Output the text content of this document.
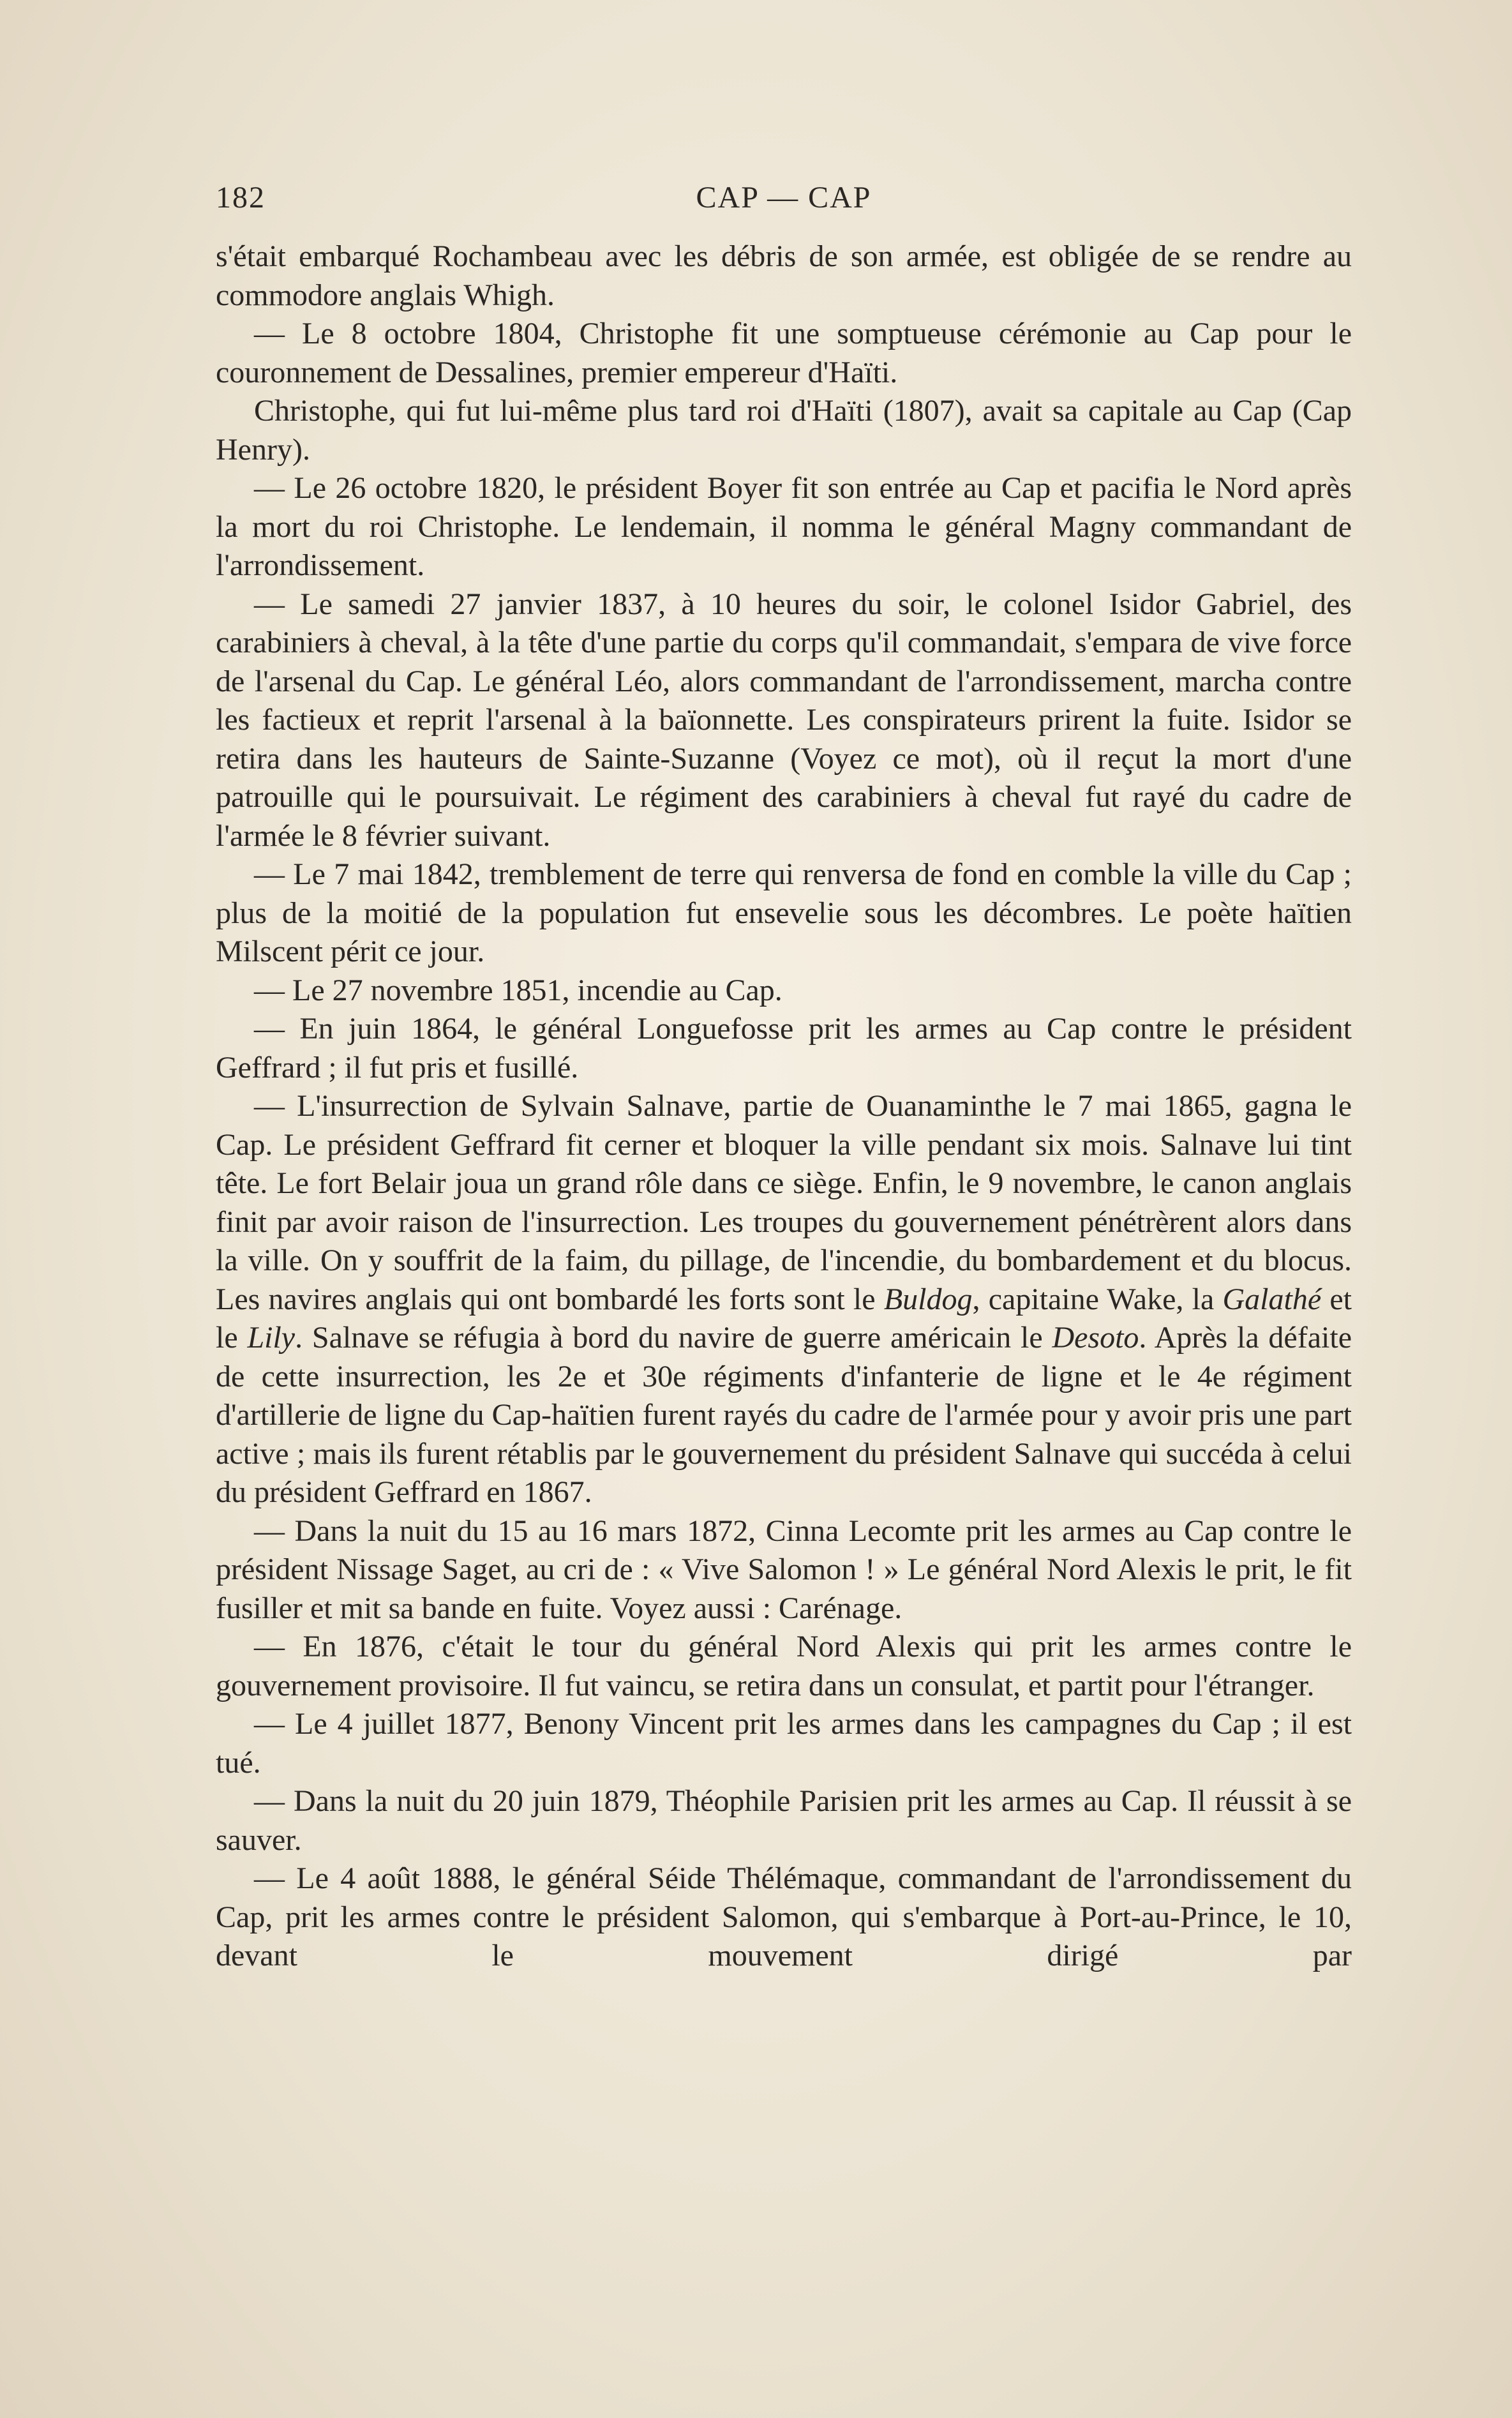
182	CAP — CAP

s'était embarqué Rochambeau avec les débris de son armée, est obligée de se rendre au commodore anglais Whigh.

— Le 8 octobre 1804, Christophe fit une somptueuse cérémonie au Cap pour le couronnement de Dessalines, premier empereur d'Haïti.

Christophe, qui fut lui-même plus tard roi d'Haïti (1807), avait sa capitale au Cap (Cap Henry).

— Le 26 octobre 1820, le président Boyer fit son entrée au Cap et pacifia le Nord après la mort du roi Christophe. Le lendemain, il nomma le général Magny commandant de l'arrondissement.

— Le samedi 27 janvier 1837, à 10 heures du soir, le colonel Isidor Gabriel, des carabiniers à cheval, à la tête d'une partie du corps qu'il commandait, s'empara de vive force de l'arsenal du Cap. Le général Léo, alors commandant de l'arrondissement, marcha contre les factieux et reprit l'arsenal à la baïonnette. Les conspirateurs prirent la fuite. Isidor se retira dans les hauteurs de Sainte-Suzanne (Voyez ce mot), où il reçut la mort d'une patrouille qui le poursuivait. Le régiment des carabiniers à cheval fut rayé du cadre de l'armée le 8 février suivant.

— Le 7 mai 1842, tremblement de terre qui renversa de fond en comble la ville du Cap ; plus de la moitié de la population fut ensevelie sous les décombres. Le poète haïtien Milscent périt ce jour.

— Le 27 novembre 1851, incendie au Cap.

— En juin 1864, le général Longuefosse prit les armes au Cap contre le président Geffrard ; il fut pris et fusillé.

— L'insurrection de Sylvain Salnave, partie de Ouanaminthe le 7 mai 1865, gagna le Cap. Le président Geffrard fit cerner et bloquer la ville pendant six mois. Salnave lui tint tête. Le fort Belair joua un grand rôle dans ce siège. Enfin, le 9 novembre, le canon anglais finit par avoir raison de l'insurrection. Les troupes du gouvernement pénétrèrent alors dans la ville. On y souffrit de la faim, du pillage, de l'incendie, du bombardement et du blocus. Les navires anglais qui ont bombardé les forts sont le Buldog, capitaine Wake, la Galathé et le Lily. Salnave se réfugia à bord du navire de guerre américain le Desoto. Après la défaite de cette insurrection, les 2e et 30e régiments d'infanterie de ligne et le 4e régiment d'artillerie de ligne du Cap-haïtien furent rayés du cadre de l'armée pour y avoir pris une part active ; mais ils furent rétablis par le gouvernement du président Salnave qui succéda à celui du président Geffrard en 1867.

— Dans la nuit du 15 au 16 mars 1872, Cinna Lecomte prit les armes au Cap contre le président Nissage Saget, au cri de : « Vive Salomon ! » Le général Nord Alexis le prit, le fit fusiller et mit sa bande en fuite. Voyez aussi : Carénage.

— En 1876, c'était le tour du général Nord Alexis qui prit les armes contre le gouvernement provisoire. Il fut vaincu, se retira dans un consulat, et partit pour l'étranger.

— Le 4 juillet 1877, Benony Vincent prit les armes dans les campagnes du Cap ; il est tué.

— Dans la nuit du 20 juin 1879, Théophile Parisien prit les armes au Cap. Il réussit à se sauver.

— Le 4 août 1888, le général Séide Thélémaque, commandant de l'arrondissement du Cap, prit les armes contre le président Salomon, qui s'embarque à Port-au-Prince, le 10, devant le mouvement dirigé par
